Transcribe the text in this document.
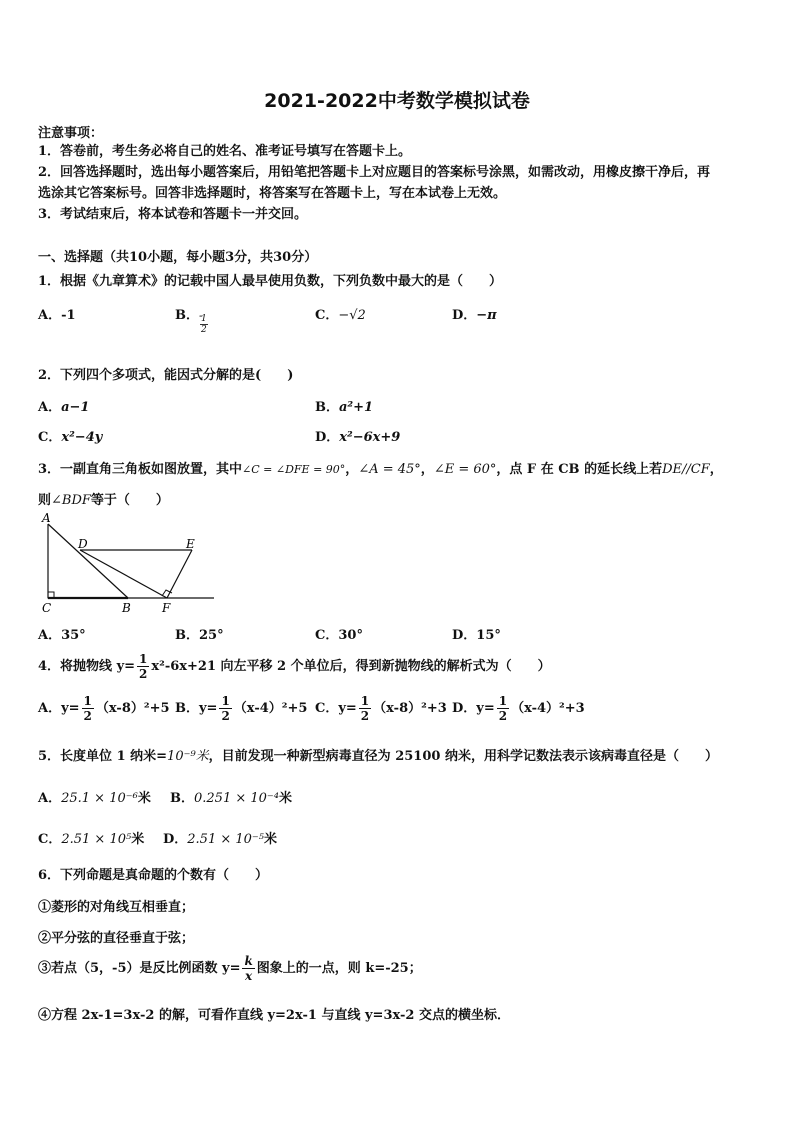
2021-2022中考数学模拟试卷
注意事项：
1．答卷前，考生务必将自己的姓名、准考证号填写在答题卡上。
2．回答选择题时，选出每小题答案后，用铅笔把答题卡上对应题目的答案标号涂黑，如需改动，用橡皮擦干净后，再
选涂其它答案标号。回答非选择题时，将答案写在答题卡上，写在本试卷上无效。
3．考试结束后，将本试卷和答题卡一并交回。
一、选择题（共10小题，每小题3分，共30分）
1．根据《九章算术》的记载中国人最早使用负数，下列负数中最大的是（　　）
A．-1	B．-
$\frac{1}{2}$	C．−√2	D．−π
2．下列四个多项式，能因式分解的是(　　)
A．a−1	B．a²+1
C．x²−4y	D．x²−6x+9
3．一副直角三角板如图放置，其中∠C = ∠DFE = 90°，∠A = 45°，∠E = 60°，点 F 在 CB 的延长线上若DE//CF，
则∠BDF等于（　　）
A
D	E
C	B	F
A．35°	B．25°	C．30°	D．15°
4．将抛物线 $y= \frac{1}{2} x^2-6x+21$ 向左平移 2 个单位后，得到新抛物线的解析式为（　　）
A．$y= \frac{1}{2} (x-8)^2+5$ B．$y= \frac{1}{2} (x-4)^2+5$ C．$y= \frac{1}{2} (x-8)^2+3$ D．$y= \frac{1}{2} (x-4)^2+3$
5．长度单位 1 纳米=10⁻⁹米，目前发现一种新型病毒直径为 25100 纳米，用科学记数法表示该病毒直径是（　　）
A．25.1 × 10⁻⁶米 B．0.251 × 10⁻⁴米
C．2.51 × 10⁵米 D．2.51 × 10⁻⁵米
6．下列命题是真命题的个数有（　　）
①菱形的对角线互相垂直；
②平分弦的直径垂直于弦；
③若点（5，-5）是反比例函数 $y= \frac{k}{x}$ 图象上的一点，则 k=-25；
④方程 2x-1=3x-2 的解，可看作直线 y=2x-1 与直线 y=3x-2 交点的横坐标．
